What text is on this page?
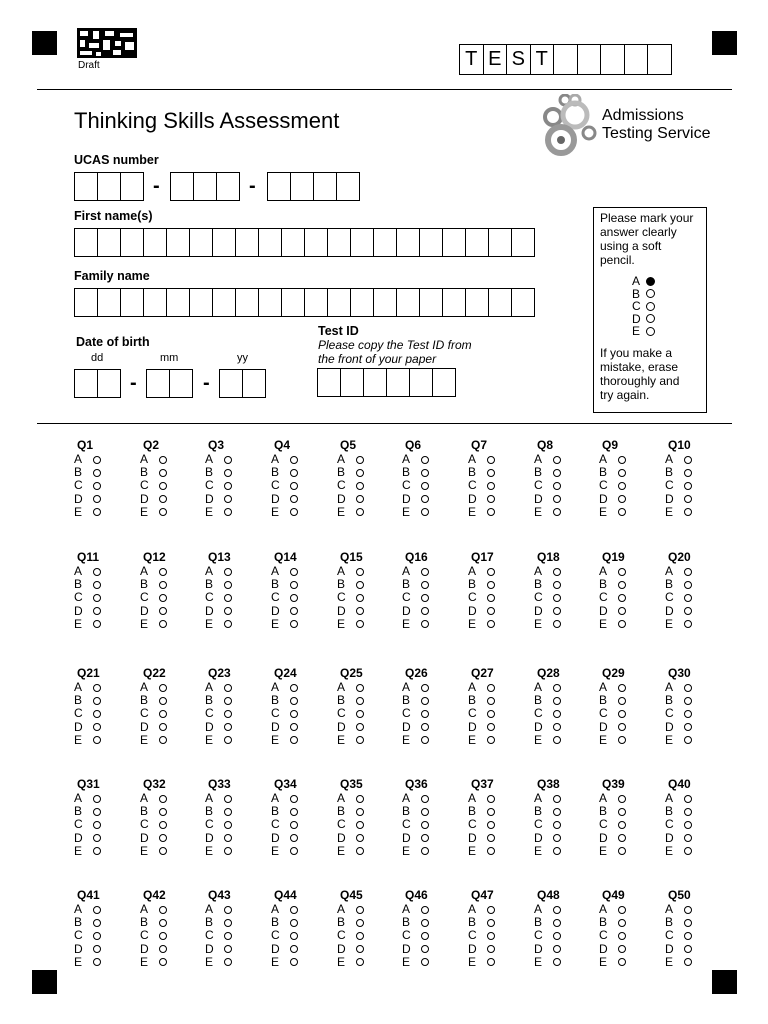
Draft	T E S T
Thinking Skills Assessment	Admissions
Testing Service
UCAS number
-	-
First name(s)
Family name
Date of birth
dd	mm	yy
-	-
Test ID
Please copy the Test ID from
the front of your paper
Please mark your
answer clearly
using a soft
pencil.
A
B
C
D
E
If you make a
mistake, erase
thoroughly and
try again.
Q1
A
B
C
D
E
Q2
A
B
C
D
E
Q3
A
B
C
D
E
Q4
A
B
C
D
E
Q5
A
B
C
D
E
Q6
A
B
C
D
E
Q7
A
B
C
D
E
Q8
A
B
C
D
E
Q9
A
B
C
D
E
Q10
A
B
C
D
E
Q11
A
B
C
D
E
Q12
A
B
C
D
E
Q13
A
B
C
D
E
Q14
A
B
C
D
E
Q15
A
B
C
D
E
Q16
A
B
C
D
E
Q17
A
B
C
D
E
Q18
A
B
C
D
E
Q19
A
B
C
D
E
Q20
A
B
C
D
E
Q21
A
B
C
D
E
Q22
A
B
C
D
E
Q23
A
B
C
D
E
Q24
A
B
C
D
E
Q25
A
B
C
D
E
Q26
A
B
C
D
E
Q27
A
B
C
D
E
Q28
A
B
C
D
E
Q29
A
B
C
D
E
Q30
A
B
C
D
E
Q31
A
B
C
D
E
Q32
A
B
C
D
E
Q33
A
B
C
D
E
Q34
A
B
C
D
E
Q35
A
B
C
D
E
Q36
A
B
C
D
E
Q37
A
B
C
D
E
Q38
A
B
C
D
E
Q39
A
B
C
D
E
Q40
A
B
C
D
E
Q41
A
B
C
D
E
Q42
A
B
C
D
E
Q43
A
B
C
D
E
Q44
A
B
C
D
E
Q45
A
B
C
D
E
Q46
A
B
C
D
E
Q47
A
B
C
D
E
Q48
A
B
C
D
E
Q49
A
B
C
D
E
Q50
A
B
C
D
E
